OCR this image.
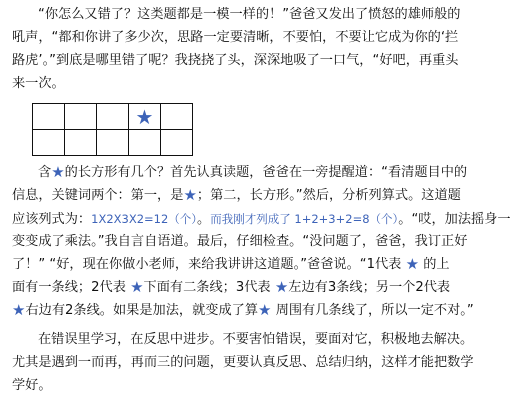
“你怎么又错了？这类题都是一模一样的！”爸爸又发出了愤怒的雄师般的
吼声，“都和你讲了多少次，思路一定要清晰，不要怕，不要让它成为你的‘拦
路虎’。”到底是哪里错了呢？我挠挠了头，深深地吸了一口气，“好吧，再重头
来一次。
★
含★的长方形有几个？首先认真读题，爸爸在一旁提醒道：“看清题目中的
信息，关键词两个：第一，是★；第二，长方形。”然后，分析列算式。这道题
应该列式为：1X2X3X2=12（个）。而我刚才列成了 1+2+3+2=8（个）。“哎，加法摇身一
变变成了乘法。”我自言自语道。最后，仔细检查。“没问题了，爸爸，我订正好
了！” “好，现在你做小老师，来给我讲讲这道题。”爸爸说。“1代表 ★ 的上
面有一条线；2代表 ★下面有二条线；3代表 ★左边有3条线；另一个2代表
★右边有2条线。如果是加法，就变成了算★ 周围有几条线了，所以一定不对。”
在错误里学习，在反思中进步。不要害怕错误，要面对它，积极地去解决。
尤其是遇到一而再，再而三的问题，更要认真反思、总结归纳，这样才能把数学
学好。
